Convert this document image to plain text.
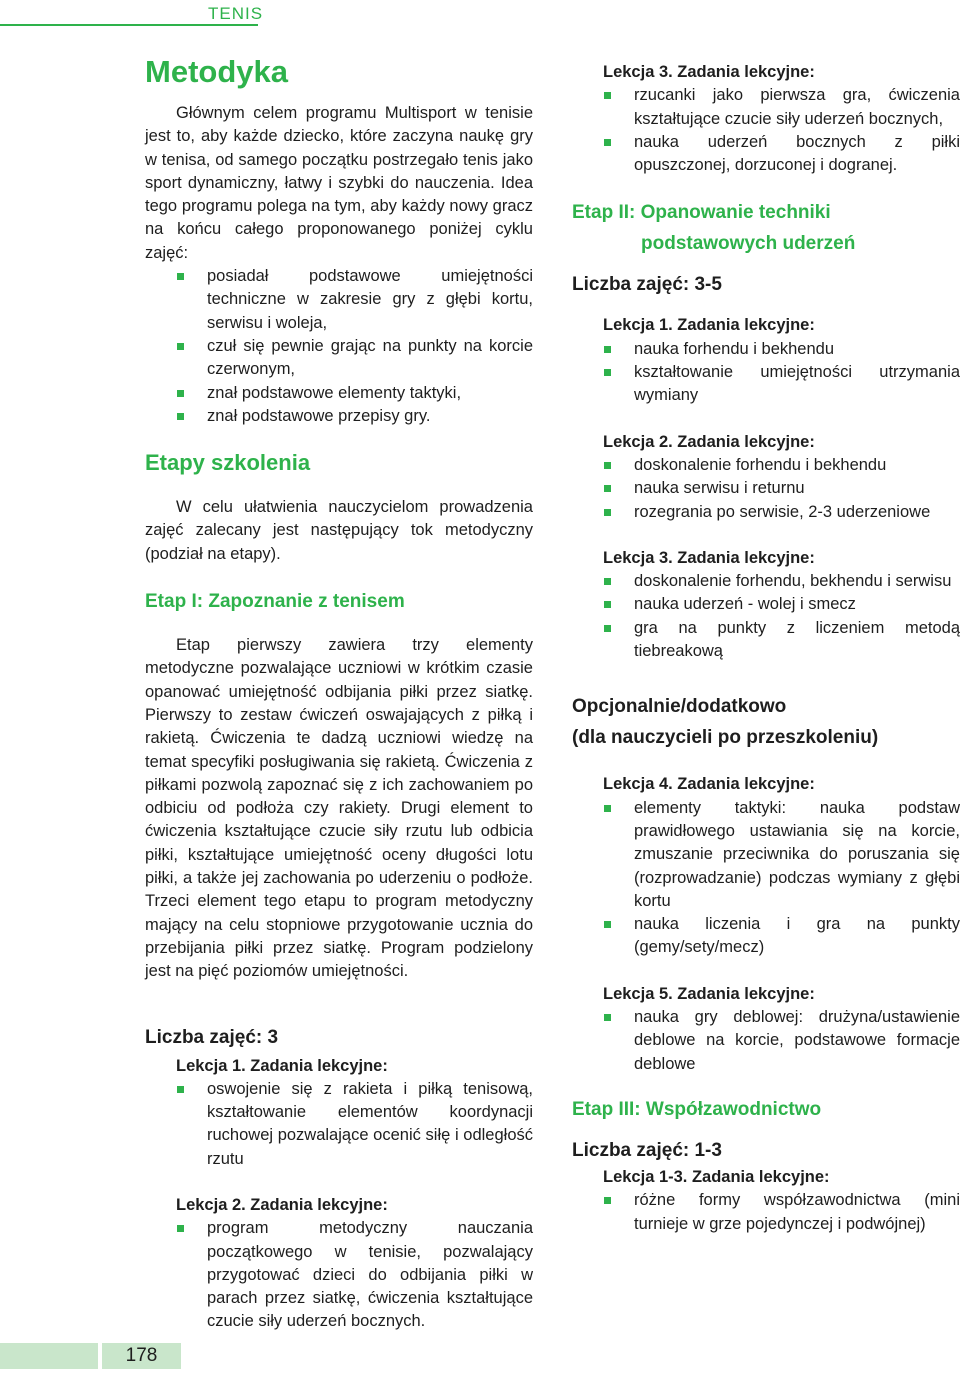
TENIS
Metodyka

Głównym celem programu Multisport w tenisie jest to, aby każde dziecko, które zaczyna naukę gry w tenisa, od samego początku postrzegało tenis jako sport dynamiczny, łatwy i szybki do nauczenia. Idea tego programu polega na tym, aby każdy nowy gracz na końcu całego proponowanego poniżej cyklu zajęć:

posiadał podstawowe umiejętności techniczne w zakresie gry z głębi kortu, serwisu i woleja,
czuł się pewnie grając na punkty na korcie czerwonym,
znał podstawowe elementy taktyki,
znał podstawowe przepisy gry.
Etapy szkolenia

W celu ułatwienia nauczycielom prowadzenia zajęć zalecany jest następujący tok metodyczny (podział na etapy).

Etap I: Zapoznanie z tenisem

Etap pierwszy zawiera trzy elementy metodyczne pozwalające uczniowi w krótkim czasie opanować umiejętność odbijania piłki przez siatkę. Pierwszy to zestaw ćwiczeń oswajających z piłką i rakietą. Ćwiczenia te dadzą uczniowi wiedzę na temat specyfiki posługiwania się rakietą. Ćwiczenia z piłkami pozwolą zapoznać się z ich zachowaniem po odbiciu od podłoża czy rakiety. Drugi element to ćwiczenia kształtujące czucie siły rzutu lub odbicia piłki, kształtujące umiejętność oceny długości lotu piłki, a także jej zachowania po uderzeniu o podłoże. Trzeci element tego etapu to program metodyczny mający na celu stopniowe przygotowanie ucznia do przebijania piłki przez siatkę. Program podzielony jest na pięć poziomów umiejętności.

Liczba zajęć: 3

Lekcja 1. Zadania lekcyjne:

oswojenie się z rakieta i piłką tenisową, kształtowanie elementów koordynacji ruchowej pozwalające ocenić siłę i odległość rzutu

Lekcja 2. Zadania lekcyjne:

program metodyczny nauczania początkowego w tenisie, pozwalający przygotować dzieci do odbijania piłki w parach przez siatkę, ćwiczenia kształtujące czucie siły uderzeń bocznych.

Lekcja 3. Zadania lekcyjne:

rzucanki jako pierwsza gra, ćwiczenia kształtujące czucie siły uderzeń bocznych,
nauka uderzeń bocznych z piłki opuszczonej, dorzuconej i dogranej.
Etap II: Opanowanie techniki
podstawowych uderzeń
Liczba zajęć: 3-5

Lekcja 1. Zadania lekcyjne:

nauka forhendu i bekhendu
kształtowanie umiejętności utrzymania wymiany

Lekcja 2. Zadania lekcyjne:

doskonalenie forhendu i bekhendu
nauka serwisu i returnu
rozegrania po serwisie, 2-3 uderzeniowe

Lekcja 3. Zadania lekcyjne:

doskonalenie forhendu, bekhendu i serwisu
nauka uderzeń - wolej i smecz
gra na punkty z liczeniem metodą tiebreakową
Opcjonalnie/dodatkowo
(dla nauczycieli po przeszkoleniu)

Lekcja 4. Zadania lekcyjne:

elementy taktyki: nauka podstaw prawidłowego ustawiania się na korcie, zmuszanie przeciwnika do poruszania się (rozprowadzanie) podczas wymiany z głębi kortu
nauka liczenia i gra na punkty (gemy/sety/mecz)

Lekcja 5. Zadania lekcyjne:

nauka gry deblowej: drużyna/ustawienie deblowe na korcie, podstawowe formacje deblowe
Etap III: Współzawodnictwo
Liczba zajęć: 1-3

Lekcja 1-3. Zadania lekcyjne:

różne formy współzawodnictwa (mini turnieje w grze pojedynczej i podwójnej)
178
